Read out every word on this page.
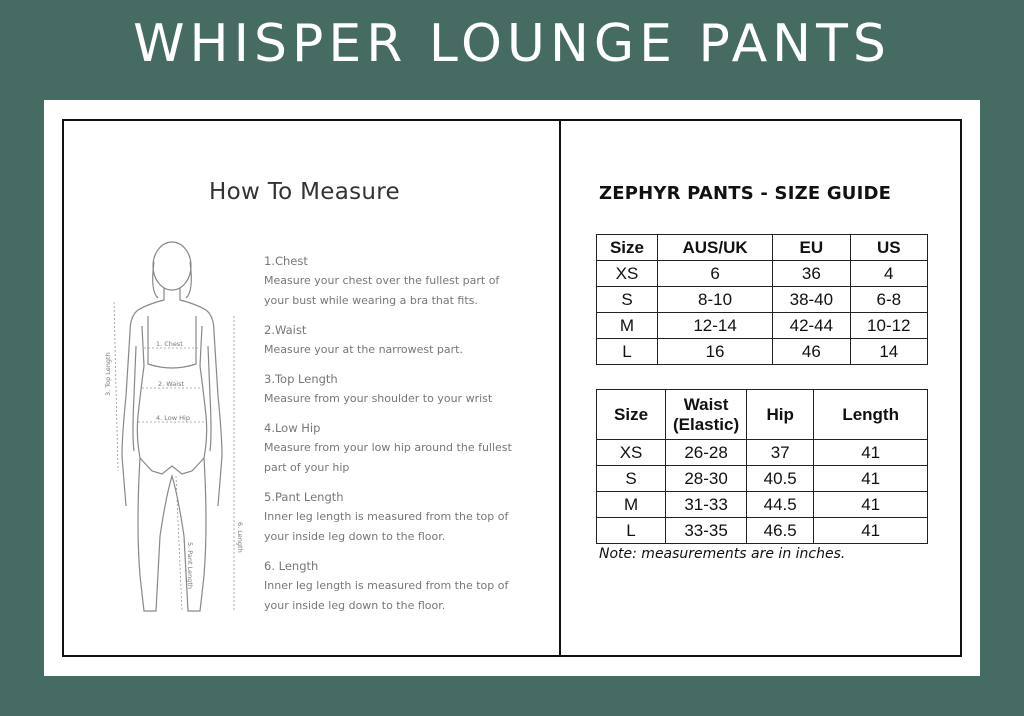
WHISPER LOUNGE PANTS
How To Measure
1. Chest
2. Waist
4. Low Hip
3. Top Length
5. Pant Length
6. Length
1.Chest
Measure your chest over the fullest part of your bust while wearing a bra that fits.
2.Waist
Measure your at the narrowest part.
3.Top Length
Measure from your shoulder to your wrist
4.Low Hip
Measure from your low hip around the fullest part of your hip
5.Pant Length
Inner leg length is measured from the top of your inside leg down to the floor.
6. Length
Inner leg length is measured from the top of your inside leg down to the floor.
ZEPHYR PANTS - SIZE GUIDE
Size	AUS/UK	EU	US
XS	6	36	4
S	8-10	38-40	6-8
M	12-14	42-44	10-12
L	16	46	14
Size	Waist (Elastic)	Hip	Length
XS	26-28	37	41
S	28-30	40.5	41
M	31-33	44.5	41
L	33-35	46.5	41
Note: measurements are in inches.
